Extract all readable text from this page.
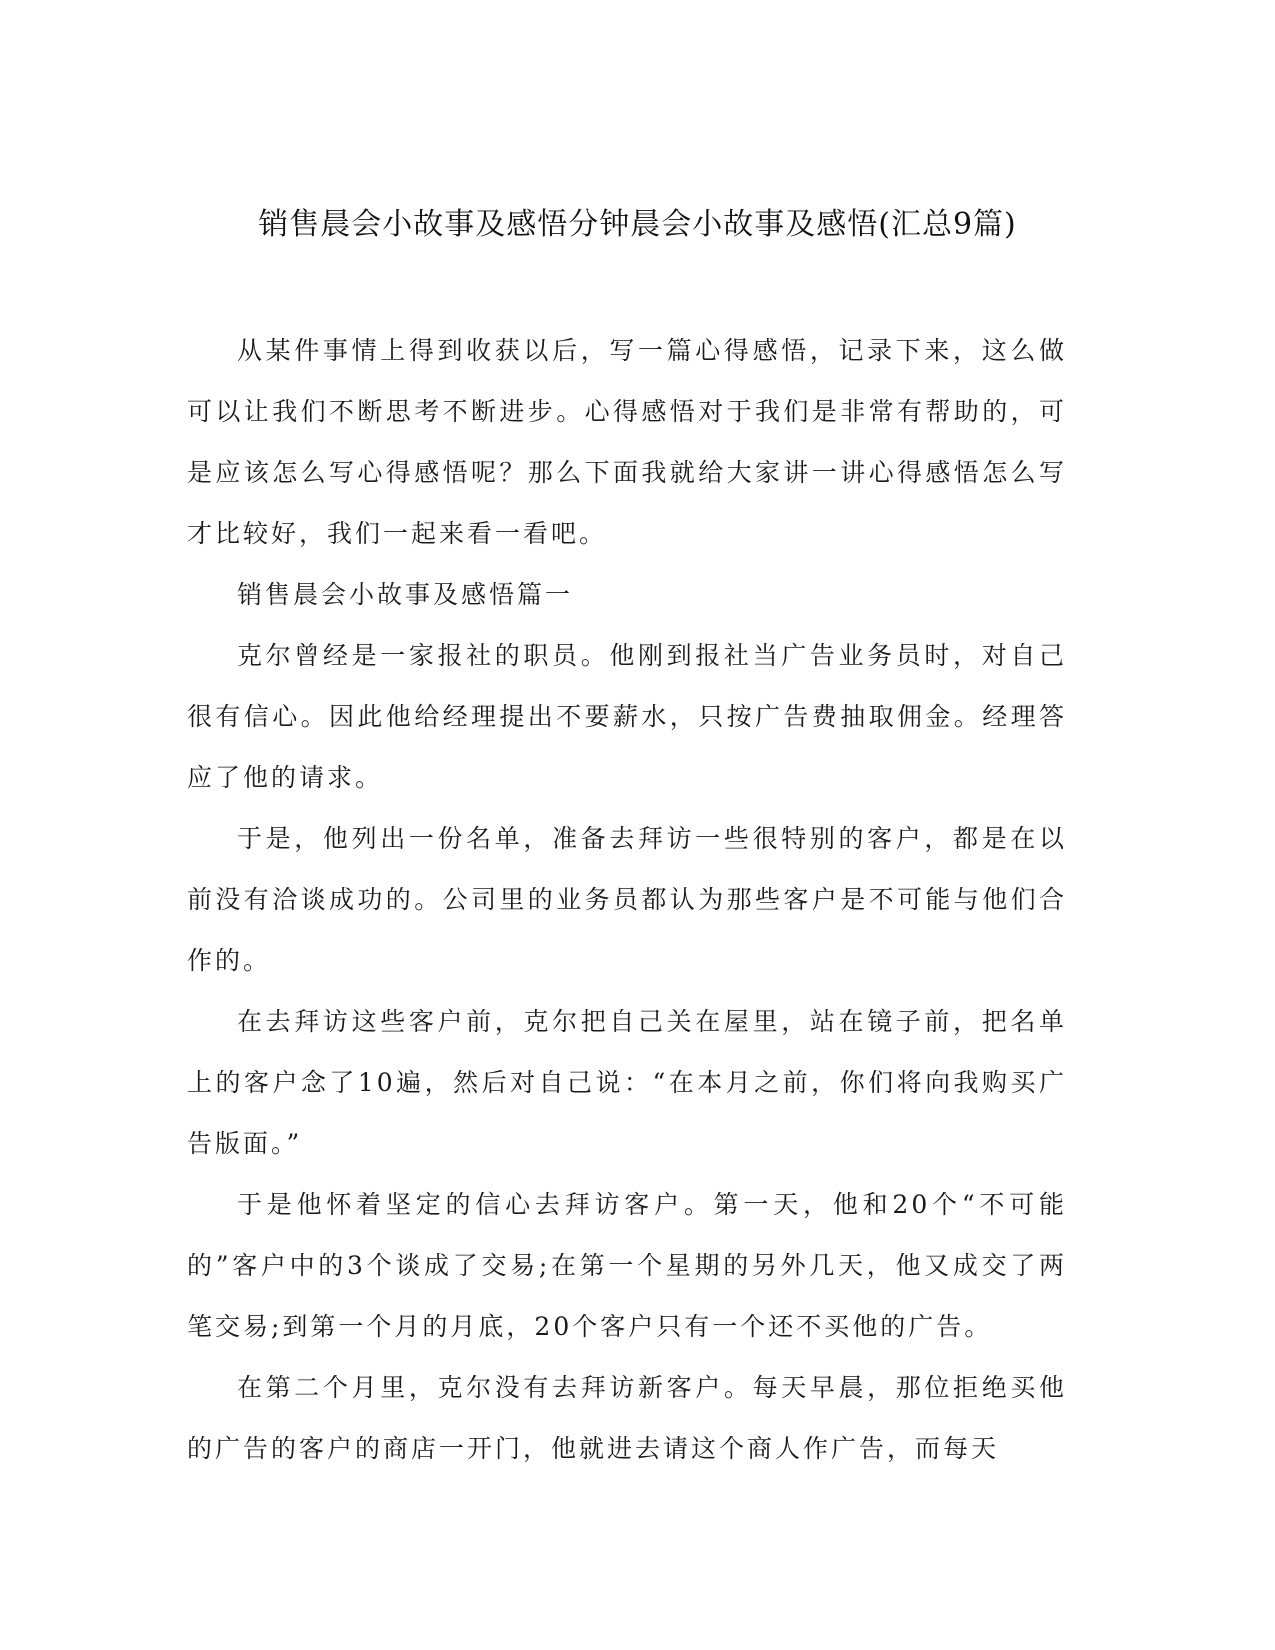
销售晨会小故事及感悟分钟晨会小故事及感悟(汇总9篇)

从某件事情上得到收获以后，写一篇心得感悟，记录下来，这么做可以让我们不断思考不断进步。心得感悟对于我们是非常有帮助的，可是应该怎么写心得感悟呢？那么下面我就给大家讲一讲心得感悟怎么写才比较好，我们一起来看一看吧。

销售晨会小故事及感悟篇一

克尔曾经是一家报社的职员。他刚到报社当广告业务员时，对自己很有信心。因此他给经理提出不要薪水，只按广告费抽取佣金。经理答应了他的请求。

于是，他列出一份名单，准备去拜访一些很特别的客户，都是在以前没有洽谈成功的。公司里的业务员都认为那些客户是不可能与他们合作的。

在去拜访这些客户前，克尔把自己关在屋里，站在镜子前，把名单上的客户念了10遍，然后对自己说：“在本月之前，你们将向我购买广告版面。”

于是他怀着坚定的信心去拜访客户。第一天，他和20个“不可能的”客户中的3个谈成了交易;在第一个星期的另外几天，他又成交了两笔交易;到第一个月的月底，20个客户只有一个还不买他的广告。

在第二个月里，克尔没有去拜访新客户。每天早晨，那位拒绝买他的广告的客户的商店一开门，他就进去请这个商人作广告，而每天
